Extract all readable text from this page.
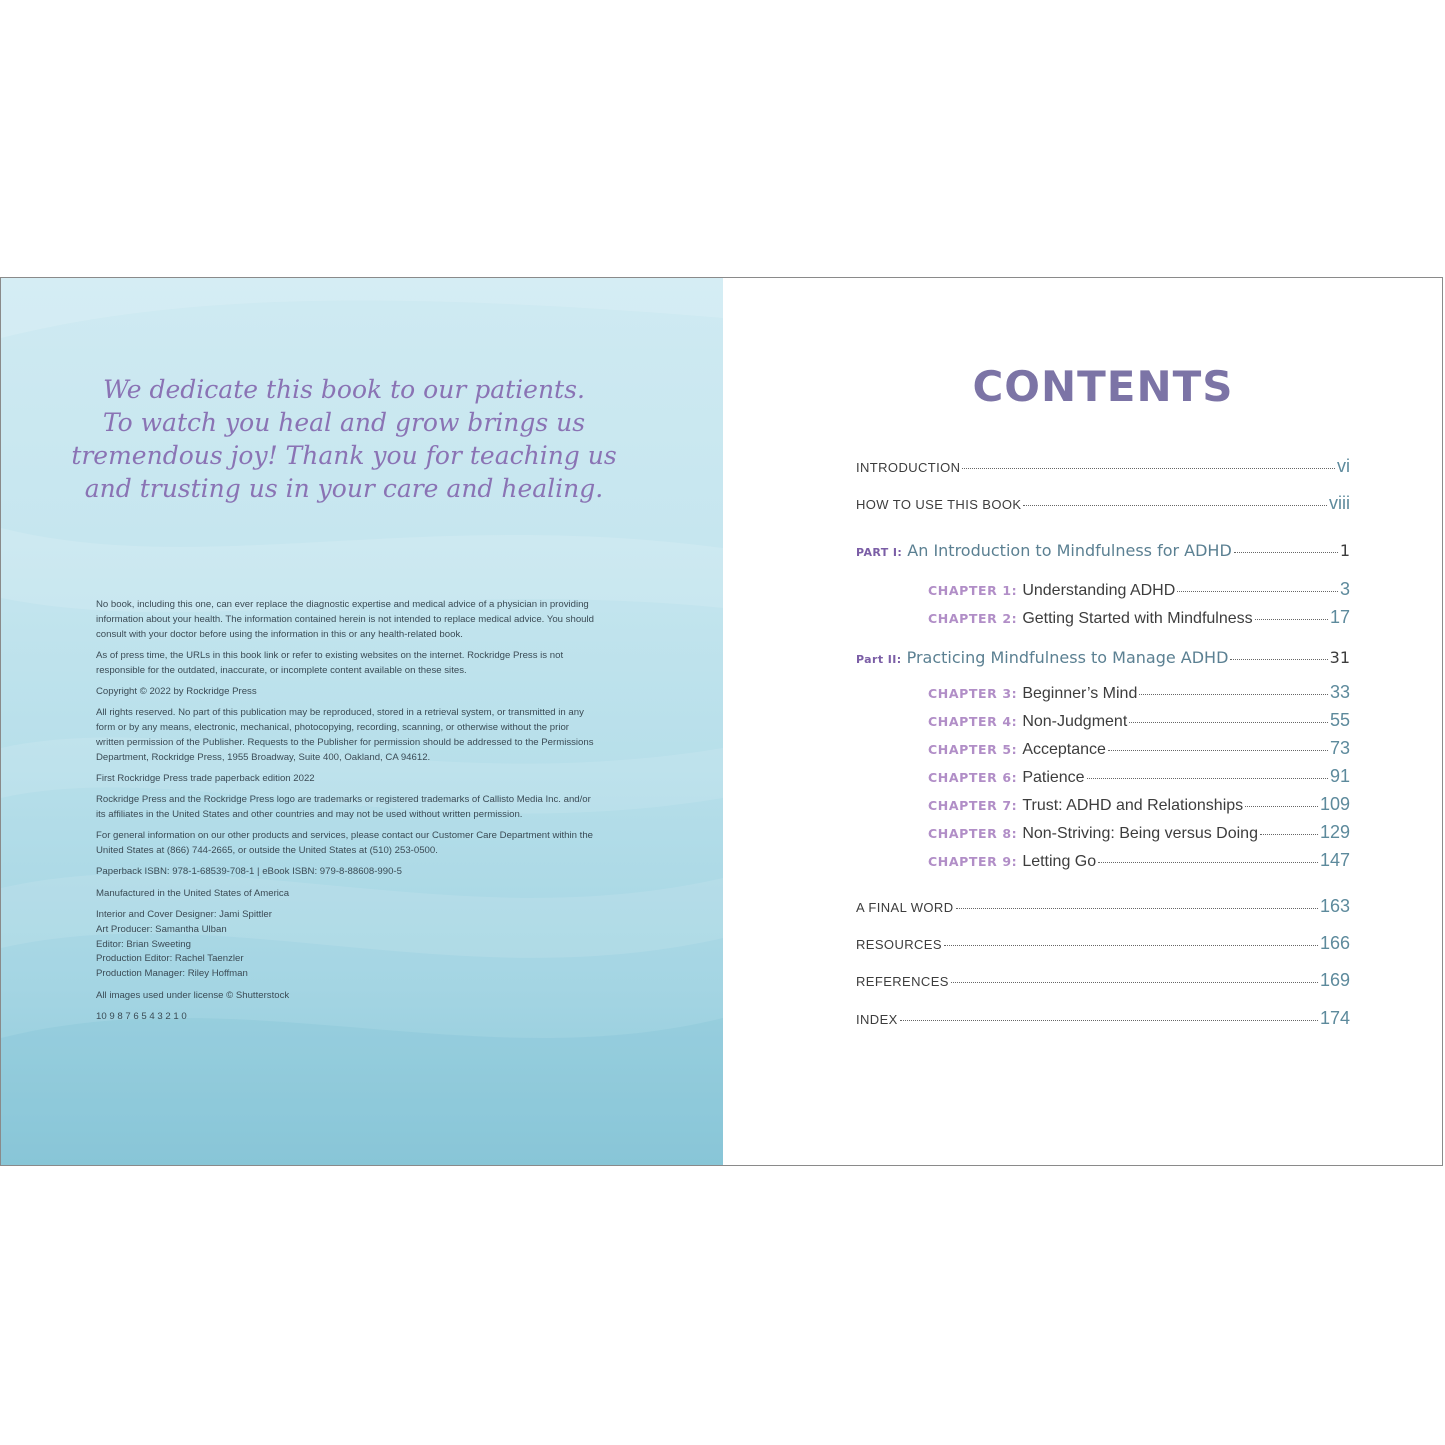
We dedicate this book to our patients.
To watch you heal and grow brings us
tremendous joy! Thank you for teaching us
and trusting us in your care and healing.

No book, including this one, can ever replace the diagnostic expertise and medical advice of a physician in providing information about your health. The information contained herein is not intended to replace medical advice. You should consult with your doctor before using the information in this or any health-related book.

As of press time, the URLs in this book link or refer to existing websites on the internet. Rockridge Press is not responsible for the outdated, inaccurate, or incomplete content available on these sites.

Copyright © 2022 by Rockridge Press

All rights reserved. No part of this publication may be reproduced, stored in a retrieval system, or transmitted in any form or by any means, electronic, mechanical, photocopying, recording, scanning, or otherwise without the prior written permission of the Publisher. Requests to the Publisher for permission should be addressed to the Permissions Department, Rockridge Press, 1955 Broadway, Suite 400, Oakland, CA 94612.

First Rockridge Press trade paperback edition 2022

Rockridge Press and the Rockridge Press logo are trademarks or registered trademarks of Callisto Media Inc. and/or its affiliates in the United States and other countries and may not be used without written permission.

For general information on our other products and services, please contact our Customer Care Department within the United States at (866) 744-2665, or outside the United States at (510) 253-0500.

Paperback ISBN: 978-1-68539-708-1 | eBook ISBN: 979-8-88608-990-5

Manufactured in the United States of America

Interior and Cover Designer: Jami Spittler

Art Producer: Samantha Ulban

Editor: Brian Sweeting

Production Editor: Rachel Taenzler

Production Manager: Riley Hoffman

All images used under license © Shutterstock

10 9 8 7 6 5 4 3 2 1 0

CONTENTS
INTRODUCTION	vi
HOW TO USE THIS BOOK	viii
PART I: An Introduction to Mindfulness for ADHD	1
CHAPTER 1: Understanding ADHD	3
CHAPTER 2: Getting Started with Mindfulness	17
Part II: Practicing Mindfulness to Manage ADHD	31
CHAPTER 3: Beginner’s Mind	33
CHAPTER 4: Non-Judgment	55
CHAPTER 5: Acceptance	73
CHAPTER 6: Patience	91
CHAPTER 7: Trust: ADHD and Relationships	109
CHAPTER 8: Non-Striving: Being versus Doing	129
CHAPTER 9: Letting Go	147
A FINAL WORD	163
RESOURCES	166
REFERENCES	169
INDEX	174
